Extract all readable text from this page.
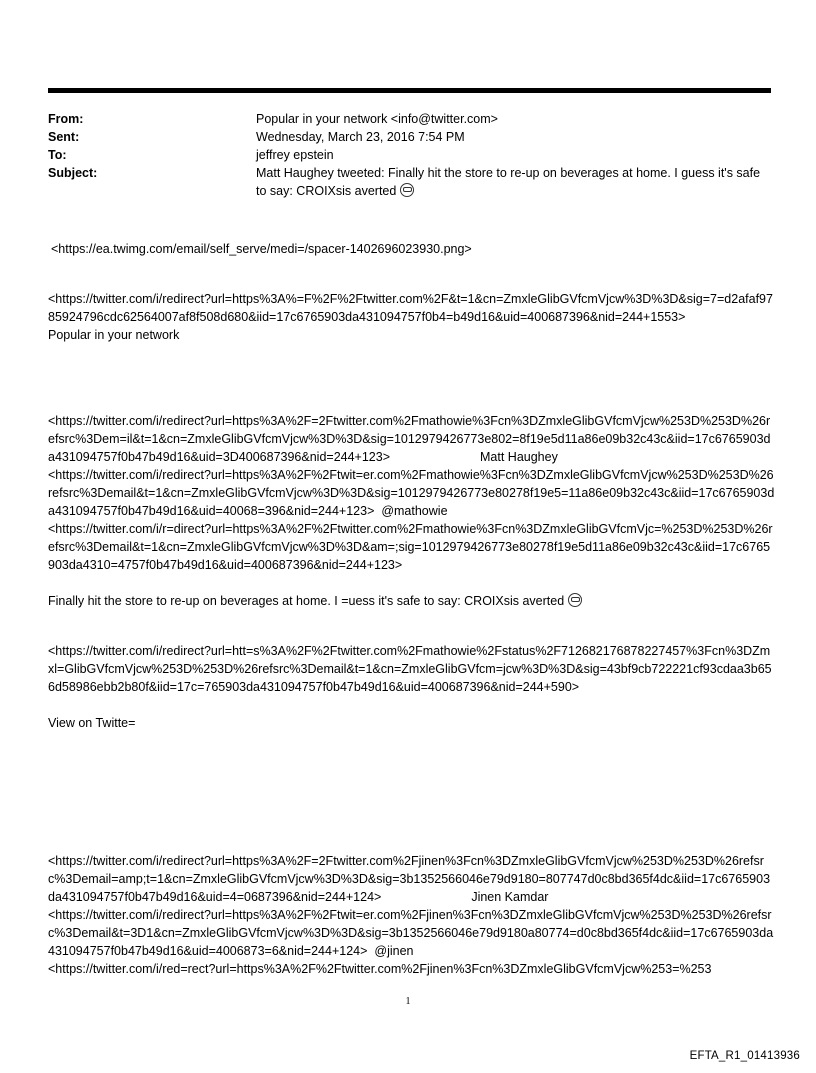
From:	Popular in your network <info@twitter.com>
Sent:	Wednesday, March 23, 2016 7:54 PM
To:	jeffrey epstein
Subject:	Matt Haughey tweeted: Finally hit the store to re-up on beverages at home. I guess it's safe to say: CROIXsis averted
<https://ea.twimg.com/email/self_serve/medi=/spacer-1402696023930.png>
<https://twitter.com/i/redirect?url=https%3A%=F%2F%2Ftwitter.com%2F&t=1&cn=ZmxleGlibGVfcmVjcw%3D%3D&sig=7=d2afaf9785924796cdc62564007af8f508d680&iid=17c6765903da431094757f0b4=b49d16&uid=400687396&nid=244+1553>Popular in your network
<https://twitter.com/i/redirect?url=https%3A%2F=2Ftwitter.com%2Fmathowie%3Fcn%3DZmxleGlibGVfcmVjcw%253D%253D%26refsrc%3Dem=il&t=1&cn=ZmxleGlibGVfcmVjcw%3D%3D&sig=1012979426773e802=8f19e5d11a86e09b32c43c&iid=17c6765903da431094757f0b47b49d16&uid=3D400687396&nid=244+123>	Matt Haughey
<https://twitter.com/i/redirect?url=https%3A%2F%2Ftwit=er.com%2Fmathowie%3Fcn%3DZmxleGlibGVfcmVjcw%253D%253D%26refsrc%3Demail&t=1&cn=ZmxleGlibGVfcmVjcw%3D%3D&sig=1012979426773e80278f19e5=11a86e09b32c43c&iid=17c6765903da431094757f0b47b49d16&uid=40068=396&nid=244+123> @mathowie
<https://twitter.com/i/r=direct?url=https%3A%2F%2Ftwitter.com%2Fmathowie%3Fcn%3DZmxleGlibGVfcmVjc=%253D%253D%26refsrc%3Demail&t=1&cn=ZmxleGlibGVfcmVjcw%3D%3D&am=;sig=1012979426773e80278f19e5d11a86e09b32c43c&iid=17c6765903da4310=4757f0b47b49d16&uid=400687396&nid=244+123>
Finally hit the store to re-up on beverages at home. I =uess it's safe to say: CROIXsis averted
<https://twitter.com/i/redirect?url=htt=s%3A%2F%2Ftwitter.com%2Fmathowie%2Fstatus%2F712682176878227457%3Fcn%3DZmxl=GlibGVfcmVjcw%253D%253D%26refsrc%3Demail&t=1&cn=ZmxleGlibGVfcm=jcw%3D%3D&sig=43bf9cb722221cf93cdaa3b656d58986ebb2b80f&iid=17c=765903da431094757f0b47b49d16&uid=400687396&nid=244+590>
View on Twitte=
<https://twitter.com/i/redirect?url=https%3A%2F=2Ftwitter.com%2Fjinen%3Fcn%3DZmxleGlibGVfcmVjcw%253D%253D%26refsrc%3Demail=amp;t=1&cn=ZmxleGlibGVfcmVjcw%3D%3D&sig=3b1352566046e79d9180=807747d0c8bd365f4dc&iid=17c6765903da431094757f0b47b49d16&uid=4=0687396&nid=244+124>	Jinen Kamdar
<https://twitter.com/i/redirect?url=https%3A%2F%2Ftwit=er.com%2Fjinen%3Fcn%3DZmxleGlibGVfcmVjcw%253D%253D%26refsrc%3Demail&t=3D1&cn=ZmxleGlibGVfcmVjcw%3D%3D&sig=3b1352566046e79d9180a80774=d0c8bd365f4dc&iid=17c6765903da431094757f0b47b49d16&uid=4006873=6&nid=244+124> @jinen
<https://twitter.com/i/red=rect?url=https%3A%2F%2Ftwitter.com%2Fjinen%3Fcn%3DZmxleGlibGVfcmVjcw%253=%253
1
EFTA_R1_01413936
